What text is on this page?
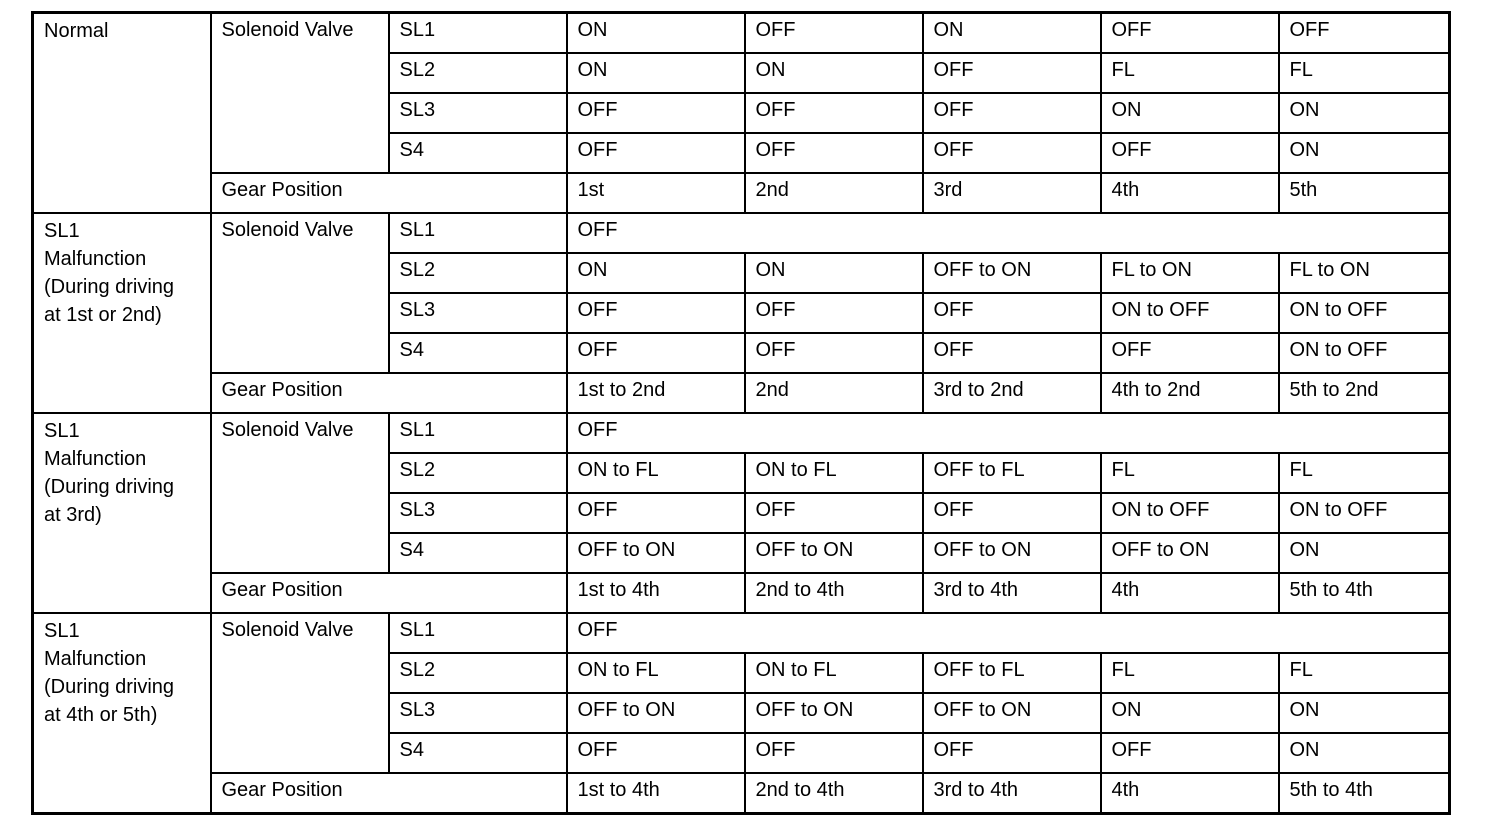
Normal	Solenoid Valve	SL1	ON	OFF	ON	OFF	OFF
		SL2	ON	ON	OFF	FL	FL
		SL3	OFF	OFF	OFF	ON	ON
		S4	OFF	OFF	OFF	OFF	ON
	Gear Position		1st	2nd	3rd	4th	5th

SL1
Malfunction
(During driving
at 1st or 2nd)	Solenoid Valve	SL1	OFF				
		SL2	ON	ON	OFF to ON	FL to ON	FL to ON
		SL3	OFF	OFF	OFF	ON to OFF	ON to OFF
		S4	OFF	OFF	OFF	OFF	ON to OFF
	Gear Position		1st to 2nd	2nd	3rd to 2nd	4th to 2nd	5th to 2nd

SL1
Malfunction
(During driving
at 3rd)	Solenoid Valve	SL1	OFF				
		SL2	ON to FL	ON to FL	OFF to FL	FL	FL
		SL3	OFF	OFF	OFF	ON to OFF	ON to OFF
		S4	OFF to ON	OFF to ON	OFF to ON	OFF to ON	ON
	Gear Position		1st to 4th	2nd to 4th	3rd to 4th	4th	5th to 4th

SL1
Malfunction
(During driving
at 4th or 5th)	Solenoid Valve	SL1	OFF				
		SL2	ON to FL	ON to FL	OFF to FL	FL	FL
		SL3	OFF to ON	OFF to ON	OFF to ON	ON	ON
		S4	OFF	OFF	OFF	OFF	ON
	Gear Position		1st to 4th	2nd to 4th	3rd to 4th	4th	5th to 4th
